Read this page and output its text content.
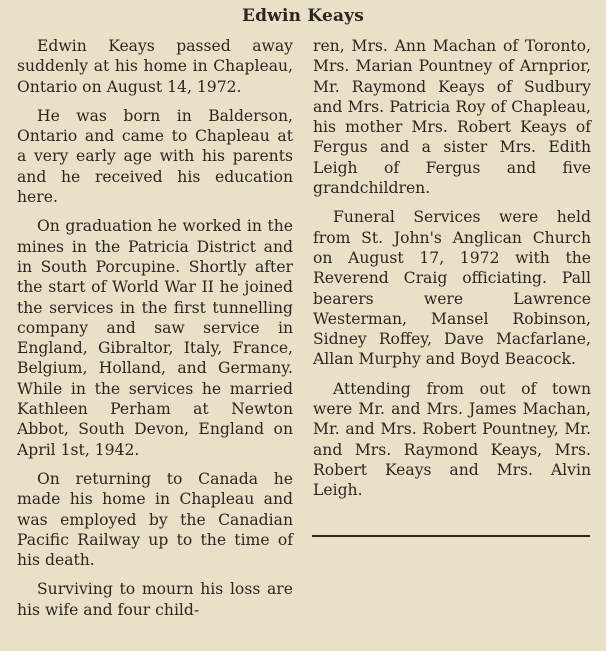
Edwin Keays

Edwin Keays passed away suddenly at his home in Chapleau, Ontario on August 14, 1972.

He was born in Balderson, Ontario and came to Chapleau at a very early age with his parents and he received his education here.

On graduation he worked in the mines in the Patricia District and in South Porcupine. Shortly after the start of World War II he joined the services in the first tunnelling company and saw service in England, Gibraltor, Italy, France, Belgium, Holland, and Germany. While in the services he married Kathleen Perham at Newton Abbot, South Devon, England on April 1st, 1942.

On returning to Canada he made his home in Chapleau and was employed by the Canadian Pacific Railway up to the time of his death.

Surviving to mourn his loss are his wife and four child-

ren, Mrs. Ann Machan of Toronto, Mrs. Marian Pountney of Arnprior, Mr. Raymond Keays of Sudbury and Mrs. Patricia Roy of Chapleau, his mother Mrs. Robert Keays of Fergus and a sister Mrs. Edith Leigh of Fergus and five grandchildren.

Funeral Services were held from St. John's Anglican Church on August 17, 1972 with the Reverend Craig officiating. Pall bearers were Lawrence Westerman, Mansel Robinson, Sidney Roffey, Dave Macfarlane, Allan Murphy and Boyd Beacock.

Attending from out of town were Mr. and Mrs. James Machan, Mr. and Mrs. Robert Pountney, Mr. and Mrs. Raymond Keays, Mrs. Robert Keays and Mrs. Alvin Leigh.
